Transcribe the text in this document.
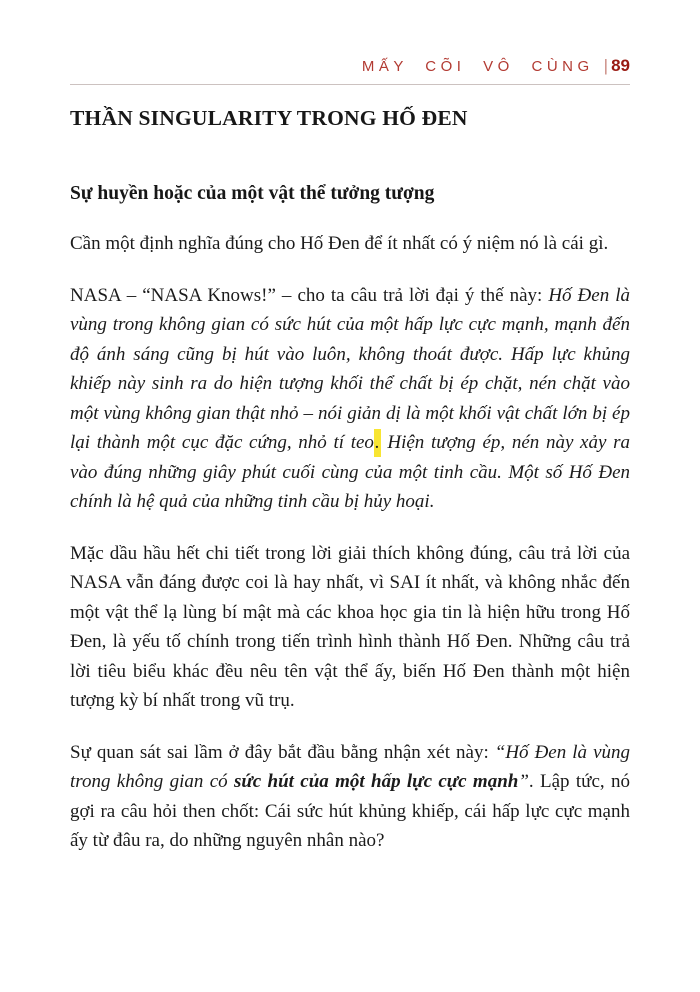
MẤY CÕI VÔ CÙNG | 89
THẦN SINGULARITY TRONG HỐ ĐEN
Sự huyền hoặc của một vật thể tưởng tượng

Cần một định nghĩa đúng cho Hố Đen để ít nhất có ý niệm nó là cái gì.

NASA – “NASA Knows!” – cho ta câu trả lời đại ý thế này: Hố Đen là vùng trong không gian có sức hút của một hấp lực cực mạnh, mạnh đến độ ánh sáng cũng bị hút vào luôn, không thoát được. Hấp lực khủng khiếp này sinh ra do hiện tượng khối thể chất bị ép chặt, nén chặt vào một vùng không gian thật nhỏ – nói giản dị là một khối vật chất lớn bị ép lại thành một cục đặc cứng, nhỏ tí teo. Hiện tượng ép, nén này xảy ra vào đúng những giây phút cuối cùng của một tinh cầu. Một số Hố Đen chính là hệ quả của những tinh cầu bị hủy hoại.

Mặc dầu hầu hết chi tiết trong lời giải thích không đúng, câu trả lời của NASA vẫn đáng được coi là hay nhất, vì SAI ít nhất, và không nhắc đến một vật thể lạ lùng bí mật mà các khoa học gia tin là hiện hữu trong Hố Đen, là yếu tố chính trong tiến trình hình thành Hố Đen. Những câu trả lời tiêu biểu khác đều nêu tên vật thể ấy, biến Hố Đen thành một hiện tượng kỳ bí nhất trong vũ trụ.

Sự quan sát sai lầm ở đây bắt đầu bằng nhận xét này: “Hố Đen là vùng trong không gian có sức hút của một hấp lực cực mạnh”. Lập tức, nó gợi ra câu hỏi then chốt: Cái sức hút khủng khiếp, cái hấp lực cực mạnh ấy từ đâu ra, do những nguyên nhân nào?
